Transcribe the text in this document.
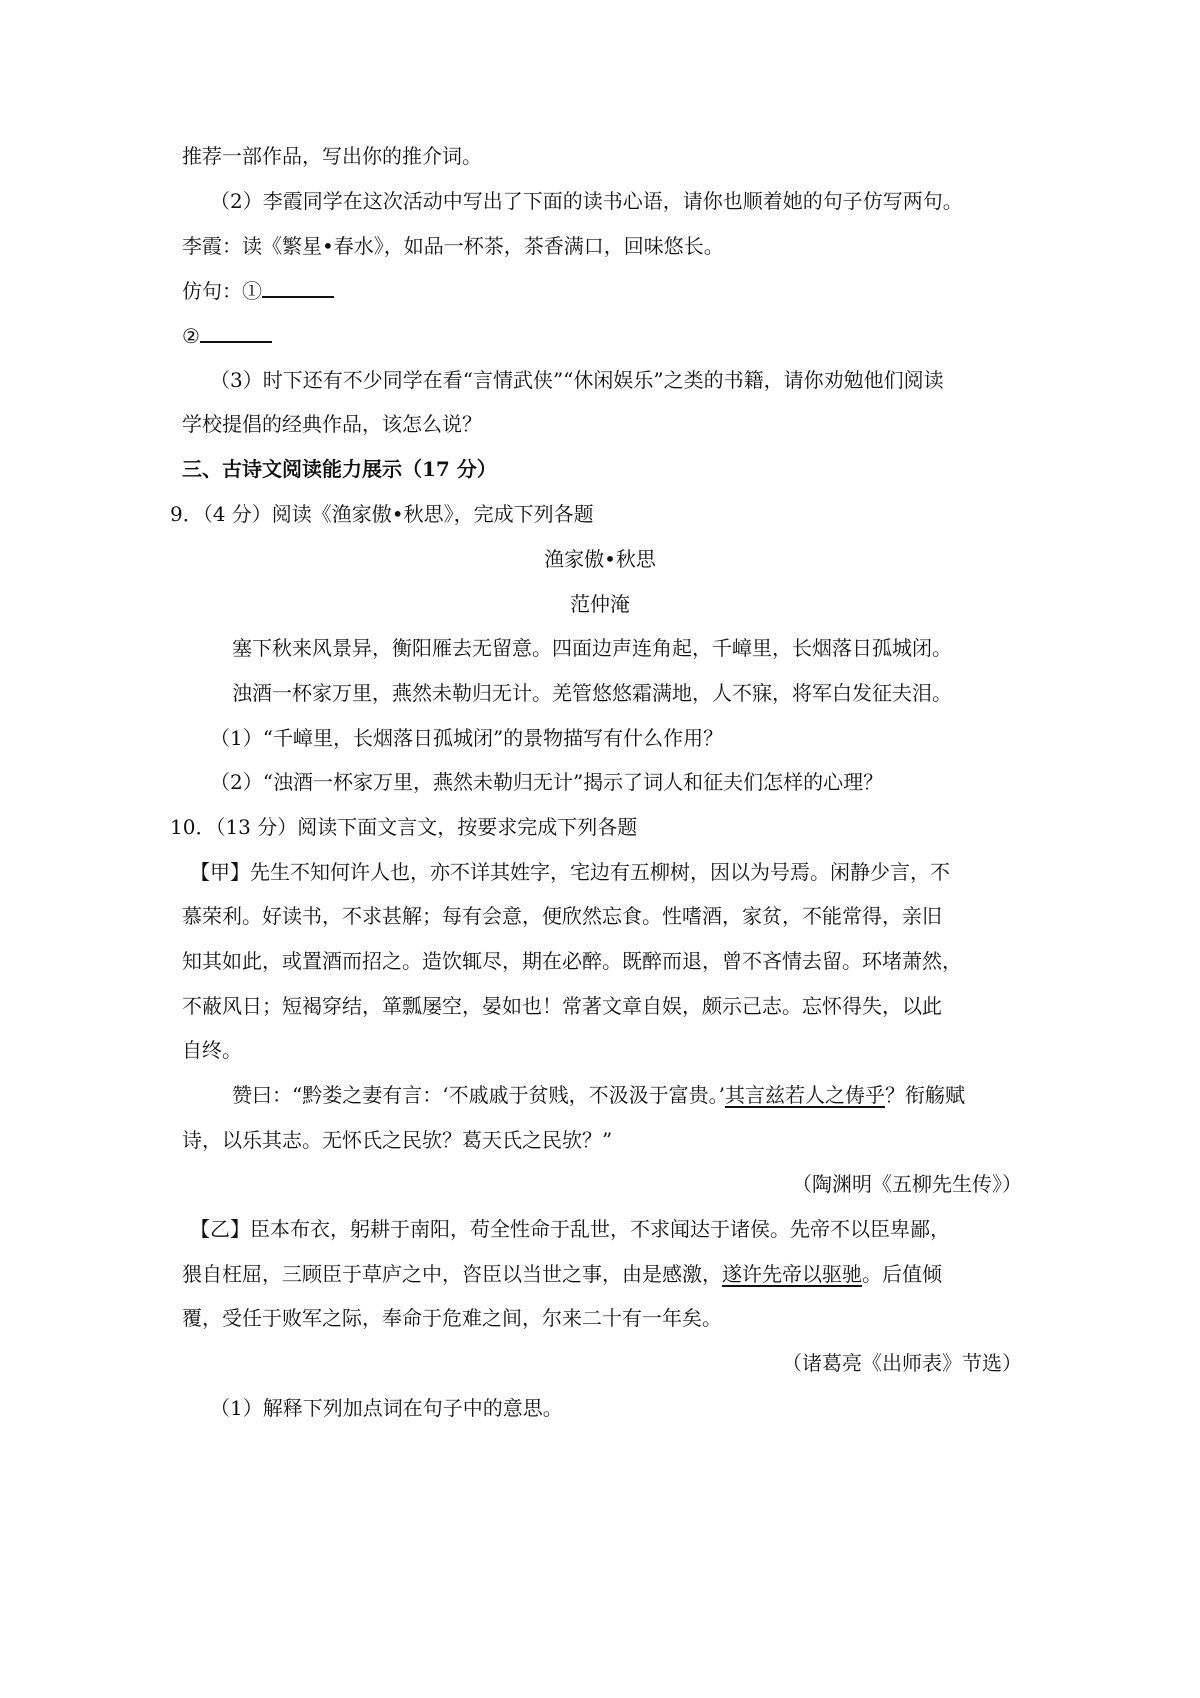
推荐一部作品，写出你的推介词。
（2）李霞同学在这次活动中写出了下面的读书心语，请你也顺着她的句子仿写两句。
李霞：读《繁星•春水》，如品一杯茶，茶香满口，回味悠长。
仿句：①
②
（3）时下还有不少同学在看“言情武侠”“休闲娱乐”之类的书籍，请你劝勉他们阅读
学校提倡的经典作品，该怎么说？
三、古诗文阅读能力展示（17 分）
9．（4 分）阅读《渔家傲•秋思》，完成下列各题
渔家傲•秋思
范仲淹
塞下秋来风景异，衡阳雁去无留意。四面边声连角起，千嶂里，长烟落日孤城闭。
浊酒一杯家万里，燕然未勒归无计。羌管悠悠霜满地，人不寐，将军白发征夫泪。
（1）“千嶂里，长烟落日孤城闭”的景物描写有什么作用？
（2）“浊酒一杯家万里，燕然未勒归无计”揭示了词人和征夫们怎样的心理？
10．（13 分）阅读下面文言文，按要求完成下列各题
【甲】先生不知何许人也，亦不详其姓字，宅边有五柳树，因以为号焉。闲静少言，不
慕荣利。好读书，不求甚解；每有会意，便欣然忘食。性嗜酒，家贫，不能常得，亲旧
知其如此，或置酒而招之。造饮辄尽，期在必醉。既醉而退，曾不吝情去留。环堵萧然，
不蔽风日；短褐穿结，箪瓢屡空，晏如也！常著文章自娱，颇示己志。忘怀得失，以此
自终。
赞曰：“黔娄之妻有言：‘不戚戚于贫贱，不汲汲于富贵。’其言兹若人之俦乎？衔觞赋
诗，以乐其志。无怀氏之民欤？葛天氏之民欤？”
（陶渊明《五柳先生传》）
【乙】臣本布衣，躬耕于南阳，苟全性命于乱世，不求闻达于诸侯。先帝不以臣卑鄙，
猥自枉屈，三顾臣于草庐之中，咨臣以当世之事，由是感激，遂许先帝以驱驰。后值倾
覆，受任于败军之际，奉命于危难之间，尔来二十有一年矣。
（诸葛亮《出师表》节选）
（1）解释下列加点词在句子中的意思。
